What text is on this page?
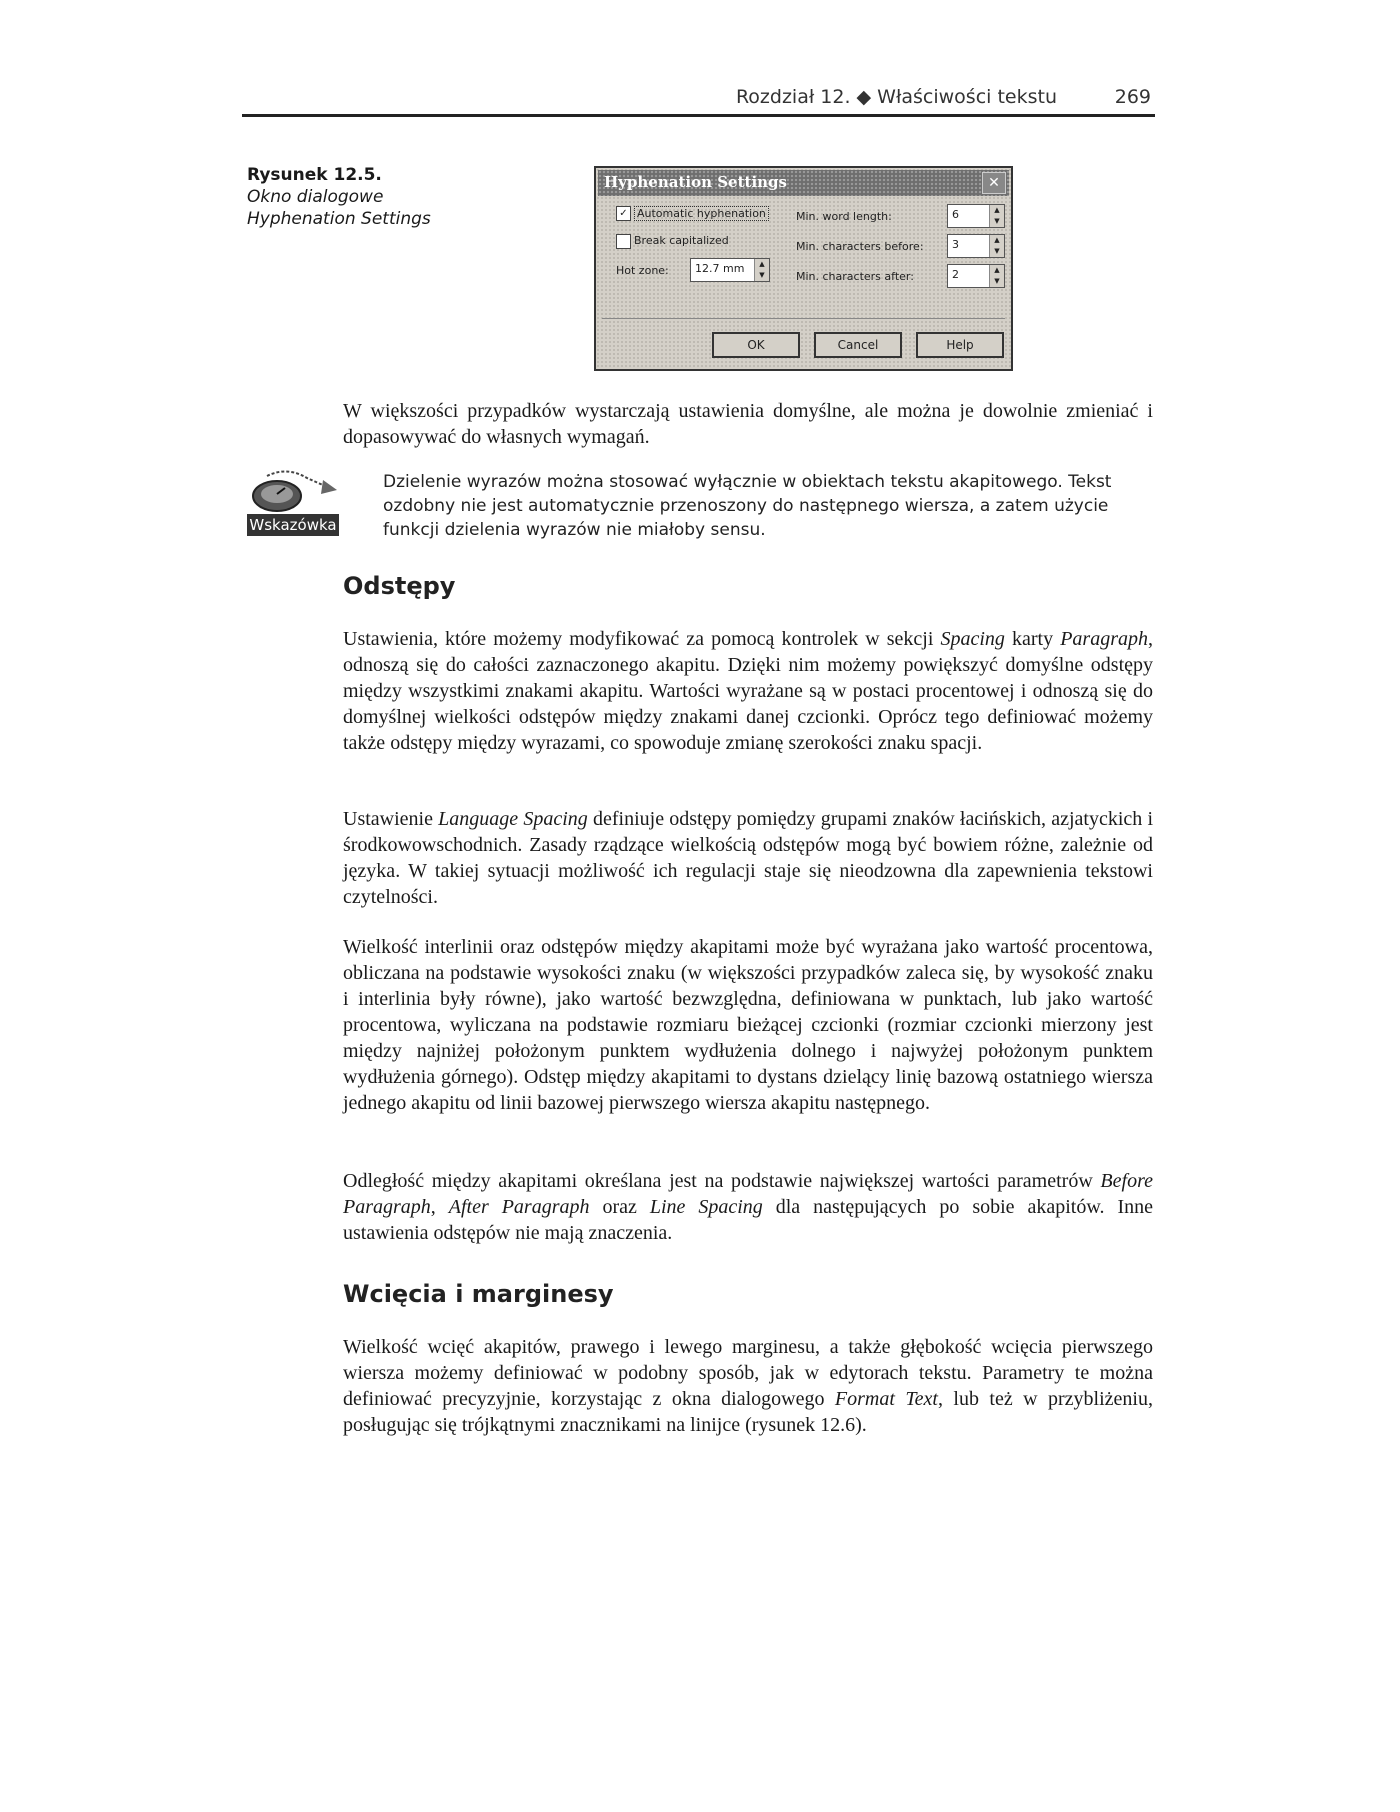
Rozdział 12. ◆ Właściwości tekstu	269
Rysunek 12.5.
Okno dialogowe
Hyphenation Settings
Hyphenation Settings	✕
✓ Automatic hyphenation
Break capitalized
Hot zone:	12.7 mm	▲
▼
Min. word length:	6	▲
▼
Min. characters before:	3	▲
▼
Min. characters after:	2	▲
▼
OK	Cancel	Help
W większości przypadków wystarczają ustawienia domyślne, ale można je dowolnie zmieniać i dopasowywać do własnych wymagań.
Wskazówka
Dzielenie wyrazów można stosować wyłącznie w obiektach tekstu akapitowego. Tekst ozdobny nie jest automatycznie przenoszony do następnego wiersza, a zatem użycie funkcji dzielenia wyrazów nie miałoby sensu.
Odstępy
Ustawienia, które możemy modyfikować za pomocą kontrolek w sekcji Spacing karty Paragraph, odnoszą się do całości zaznaczonego akapitu. Dzięki nim możemy powiększyć domyślne odstępy między wszystkimi znakami akapitu. Wartości wyrażane są w postaci procentowej i odnoszą się do domyślnej wielkości odstępów między znakami danej czcionki. Oprócz tego definiować możemy także odstępy między wyrazami, co spowoduje zmianę szerokości znaku spacji.
Ustawienie Language Spacing definiuje odstępy pomiędzy grupami znaków łacińskich, azjatyckich i środkowowschodnich. Zasady rządzące wielkością odstępów mogą być bowiem różne, zależnie od języka. W takiej sytuacji możliwość ich regulacji staje się nieodzowna dla zapewnienia tekstowi czytelności.
Wielkość interlinii oraz odstępów między akapitami może być wyrażana jako wartość procentowa, obliczana na podstawie wysokości znaku (w większości przypadków zaleca się, by wysokość znaku i interlinia były równe), jako wartość bezwzględna, definiowana w punktach, lub jako wartość procentowa, wyliczana na podstawie rozmiaru bieżącej czcionki (rozmiar czcionki mierzony jest między najniżej położonym punktem wydłużenia dolnego i najwyżej położonym punktem wydłużenia górnego). Odstęp między akapitami to dystans dzielący linię bazową ostatniego wiersza jednego akapitu od linii bazowej pierwszego wiersza akapitu następnego.
Odległość między akapitami określana jest na podstawie największej wartości parametrów Before Paragraph, After Paragraph oraz Line Spacing dla następujących po sobie akapitów. Inne ustawienia odstępów nie mają znaczenia.
Wcięcia i marginesy
Wielkość wcięć akapitów, prawego i lewego marginesu, a także głębokość wcięcia pierwszego wiersza możemy definiować w podobny sposób, jak w edytorach tekstu. Parametry te można definiować precyzyjnie, korzystając z okna dialogowego Format Text, lub też w przybliżeniu, posługując się trójkątnymi znacznikami na linijce (rysunek 12.6).
